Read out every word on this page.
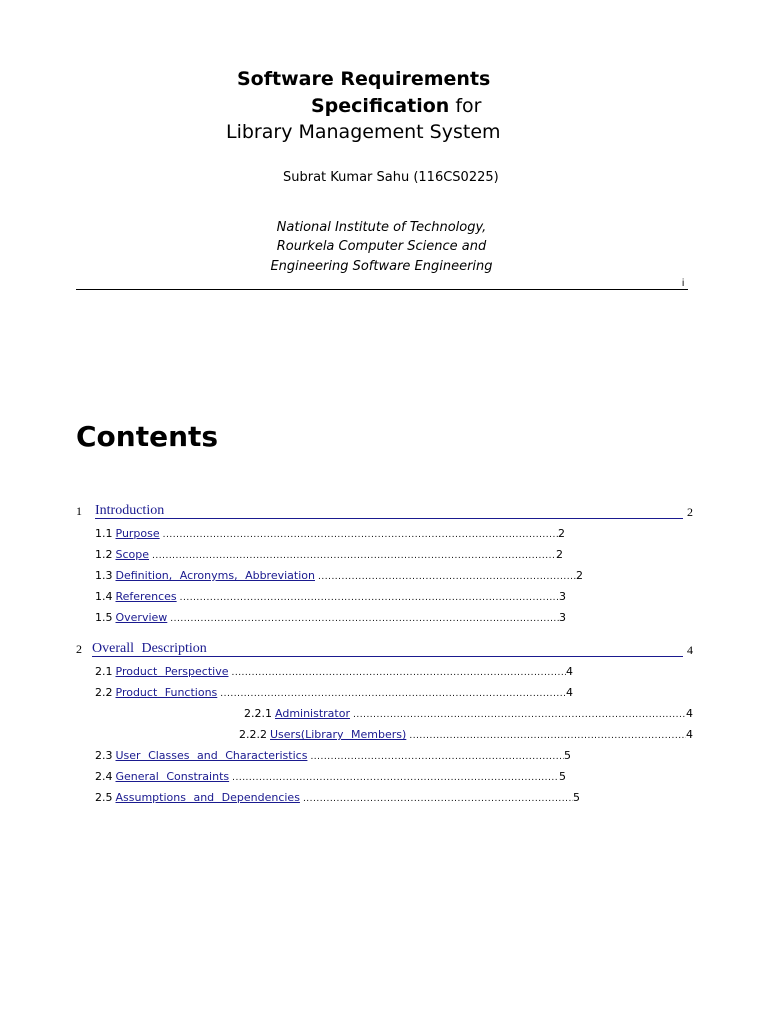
Software Requirements
Specification for
Library Management System
Subrat Kumar Sahu (116CS0225)
National Institute of Technology,
Rourkela Computer Science and
Engineering Software Engineering
i
Contents
1 Introduction	2
1.1 Purpose .....	2
1.2 Scope .....	2
1.3 Definition, Acronyms, Abbreviation .....	2
1.4 References .....	3
1.5 Overview .....	3
2 Overall Description	4
2.1 Product Perspective .....	4
2.2 Product Functions .....	4
2.2.1 Administrator .....	4
2.2.2 Users(Library Members) .....	4
2.3 User Classes and Characteristics .....	5
2.4 General Constraints .....	5
2.5 Assumptions and Dependencies .....	5
